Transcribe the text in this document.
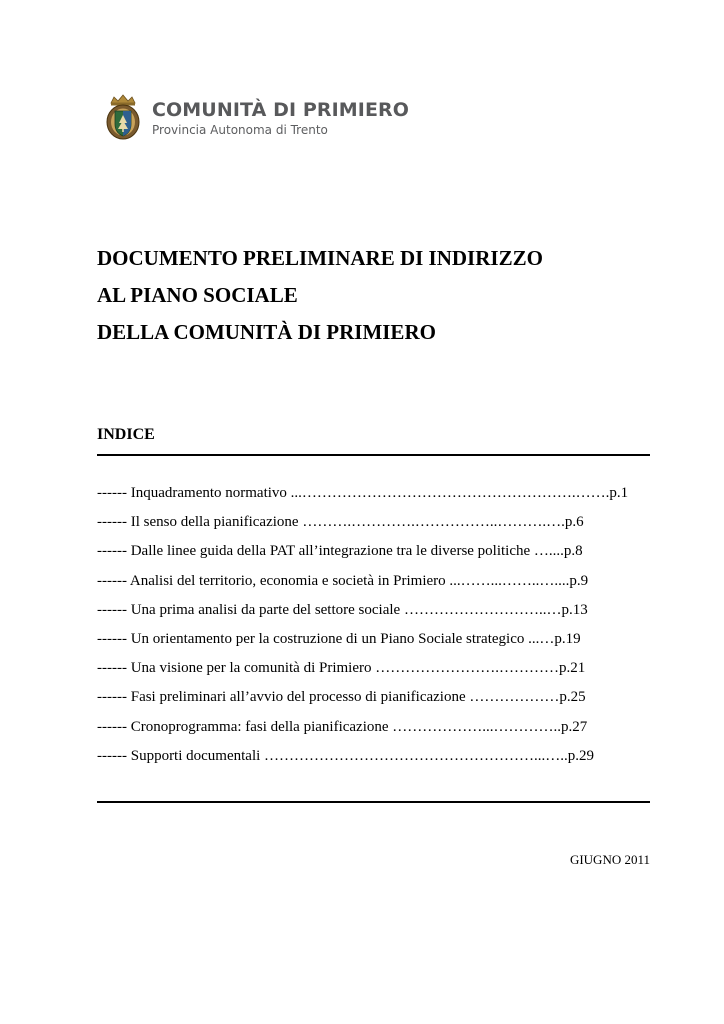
COMUNITÀ DI PRIMIERO
Provincia Autonoma di Trento
DOCUMENTO PRELIMINARE DI INDIRIZZO
AL PIANO SOCIALE
DELLA COMUNITÀ DI PRIMIERO
INDICE
------ Inquadramento normativo ...……………………………………………….…….p.1
------ Il senso della pianificazione ……….………….……………..……….….p.6
------ Dalle linee guida della PAT all’integrazione tra le diverse politiche …....p.8
------ Analisi del territorio, economia e società in Primiero ...……...……..…....p.9
------ Una prima analisi da parte del settore sociale ………………………..…p.13
------ Un orientamento per la costruzione di un Piano Sociale strategico ...…p.19
------ Una visione per la comunità di Primiero …………………….…………p.21
------ Fasi preliminari all’avvio del processo di pianificazione ………………p.25
------ Cronoprogramma: fasi della pianificazione ………………...…………..p.27
------ Supporti documentali ………………………………………………...…..p.29
GIUGNO 2011
